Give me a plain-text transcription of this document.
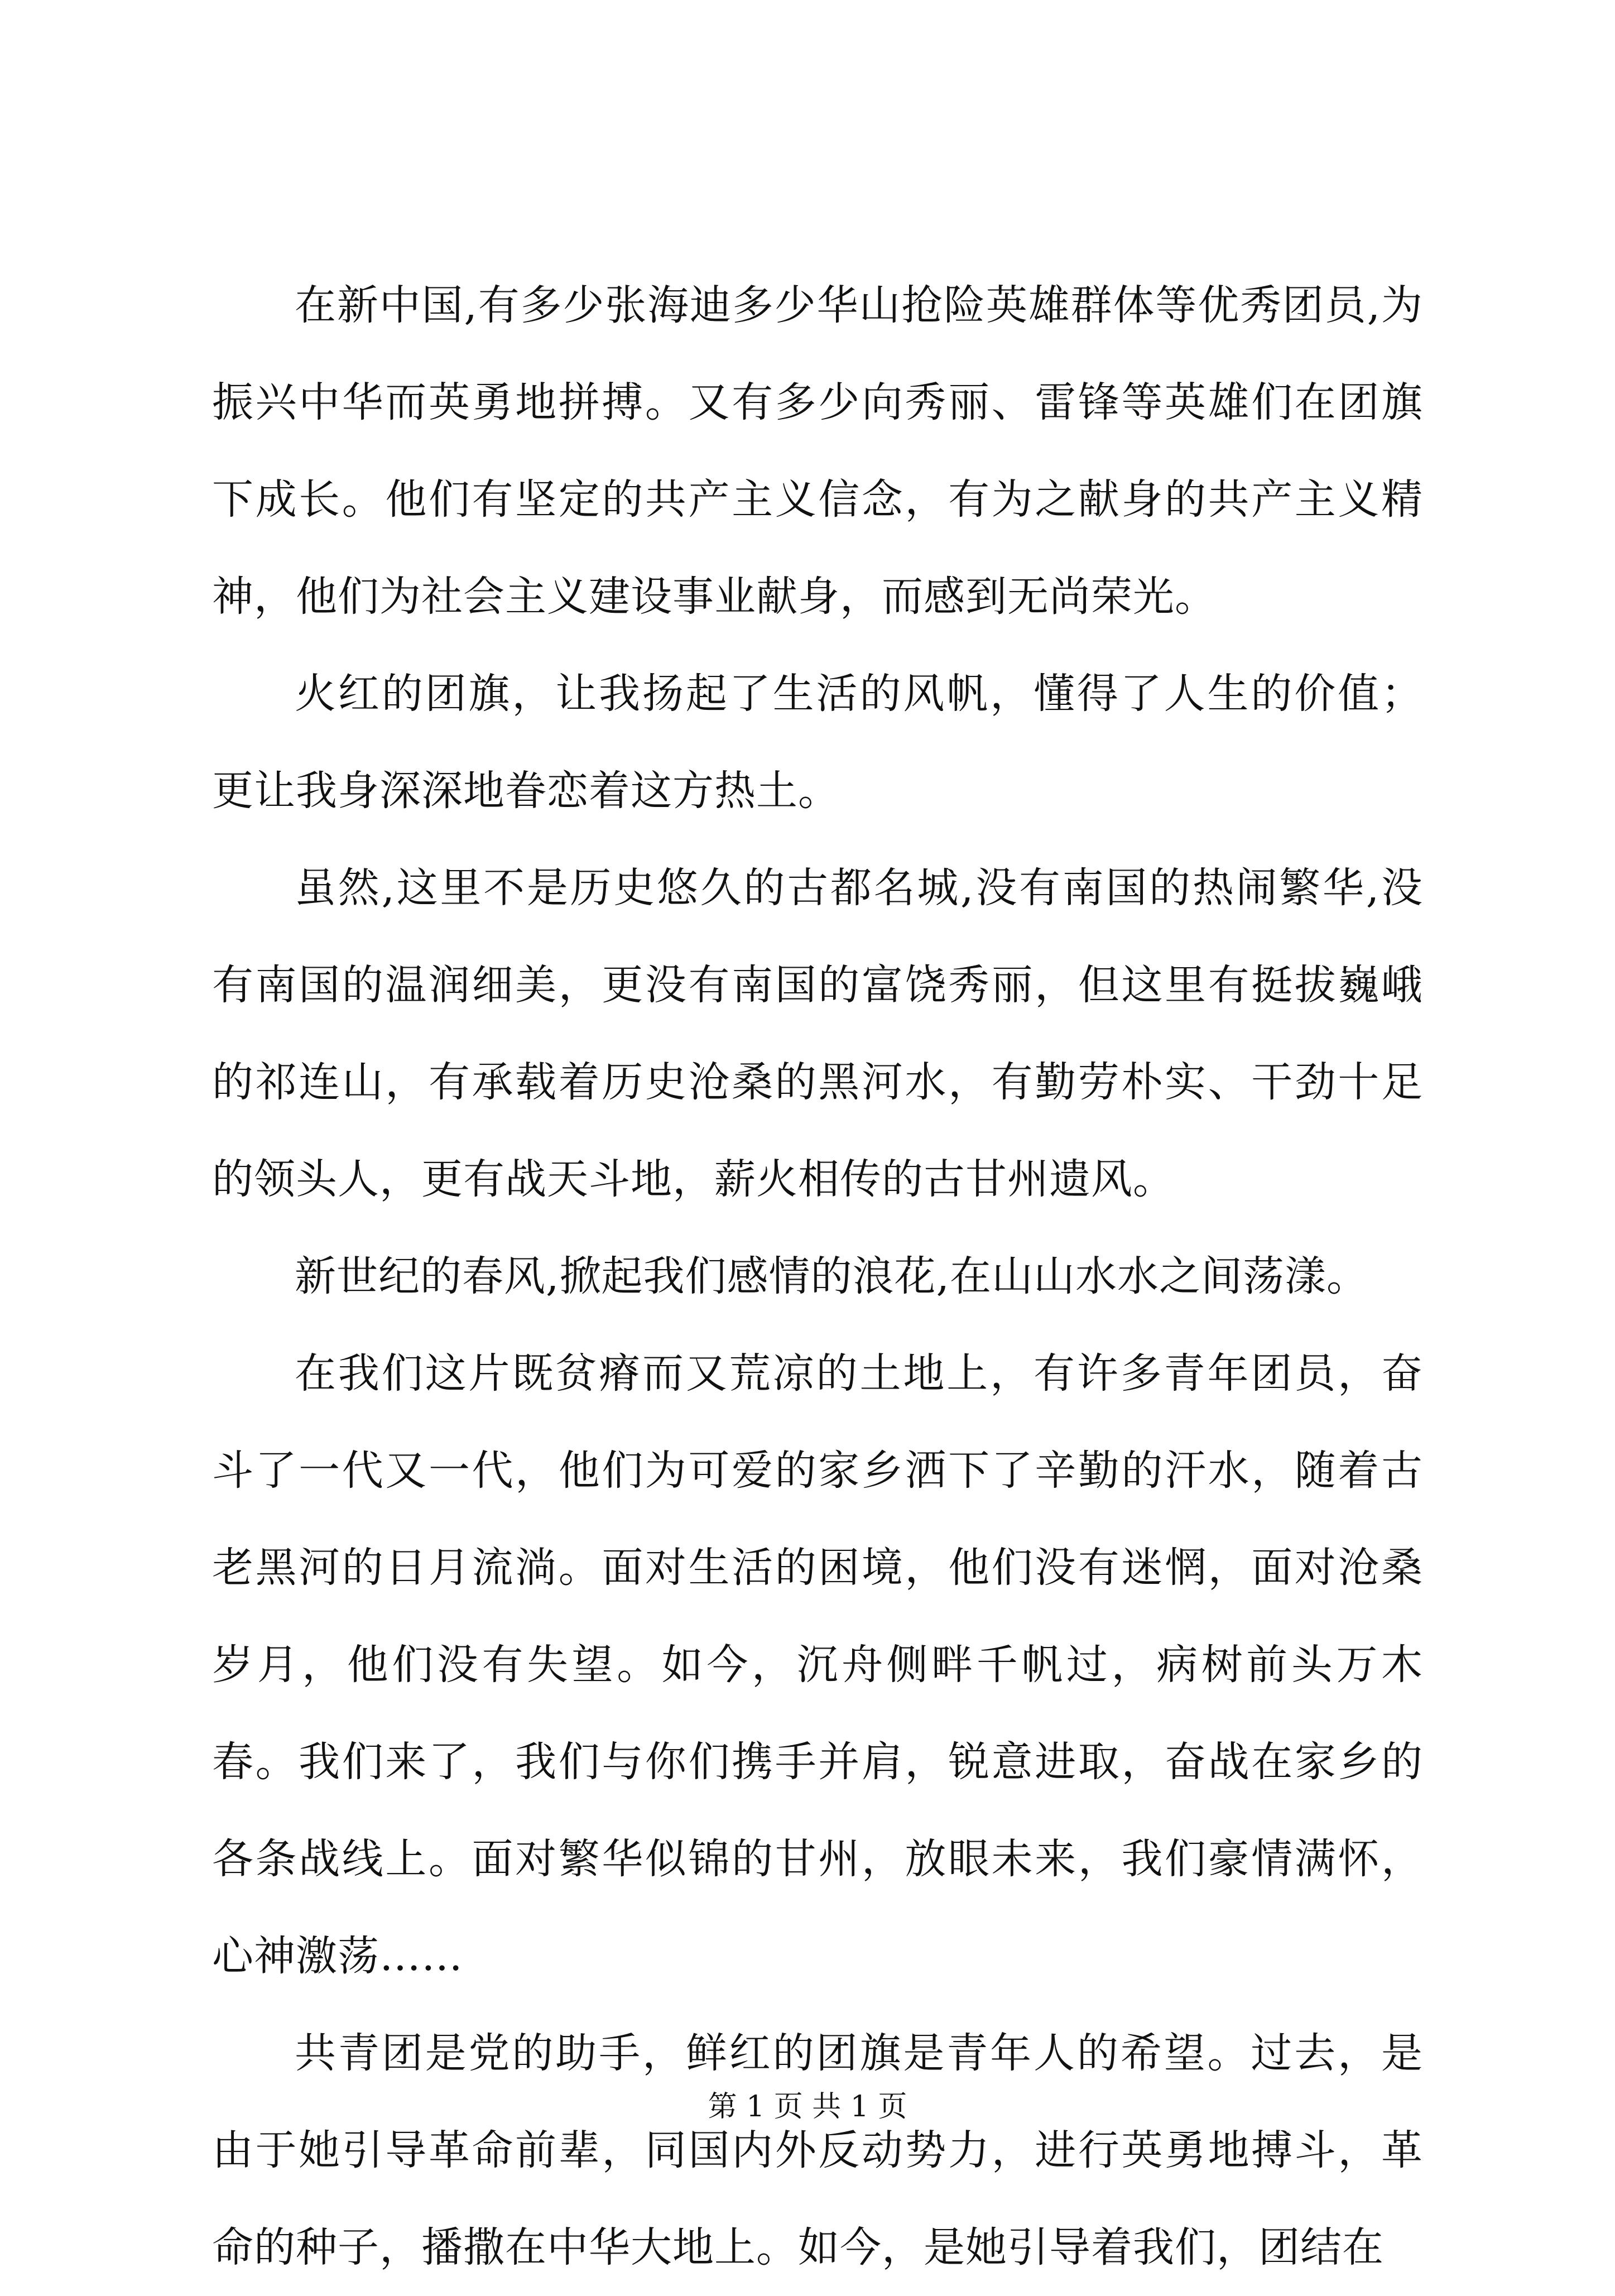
在新中国,有多少张海迪多少华山抢险英雄群体等优秀团员,为振兴中华而英勇地拼搏。又有多少向秀丽、雷锋等英雄们在团旗下成长。他们有坚定的共产主义信念，有为之献身的共产主义精神，他们为社会主义建设事业献身，而感到无尚荣光。

火红的团旗，让我扬起了生活的风帆，懂得了人生的价值；更让我身深深地眷恋着这方热土。

虽然,这里不是历史悠久的古都名城,没有南国的热闹繁华,没有南国的温润细美，更没有南国的富饶秀丽，但这里有挺拔巍峨的祁连山，有承载着历史沧桑的黑河水，有勤劳朴实、干劲十足的领头人，更有战天斗地，薪火相传的古甘州遗风。

新世纪的春风,掀起我们感情的浪花,在山山水水之间荡漾。

在我们这片既贫瘠而又荒凉的土地上，有许多青年团员，奋斗了一代又一代，他们为可爱的家乡洒下了辛勤的汗水，随着古老黑河的日月流淌。面对生活的困境，他们没有迷惘，面对沧桑岁月，他们没有失望。如今，沉舟侧畔千帆过，病树前头万木春。我们来了，我们与你们携手并肩，锐意进取，奋战在家乡的各条战线上。面对繁华似锦的甘州，放眼未来，我们豪情满怀，心神激荡……

共青团是党的助手，鲜红的团旗是青年人的希望。过去，是由于她引导革命前辈，同国内外反动势力，进行英勇地搏斗，革命的种子，播撒在中华大地上。如今，是她引导着我们，团结在

第 1 页 共 1 页
